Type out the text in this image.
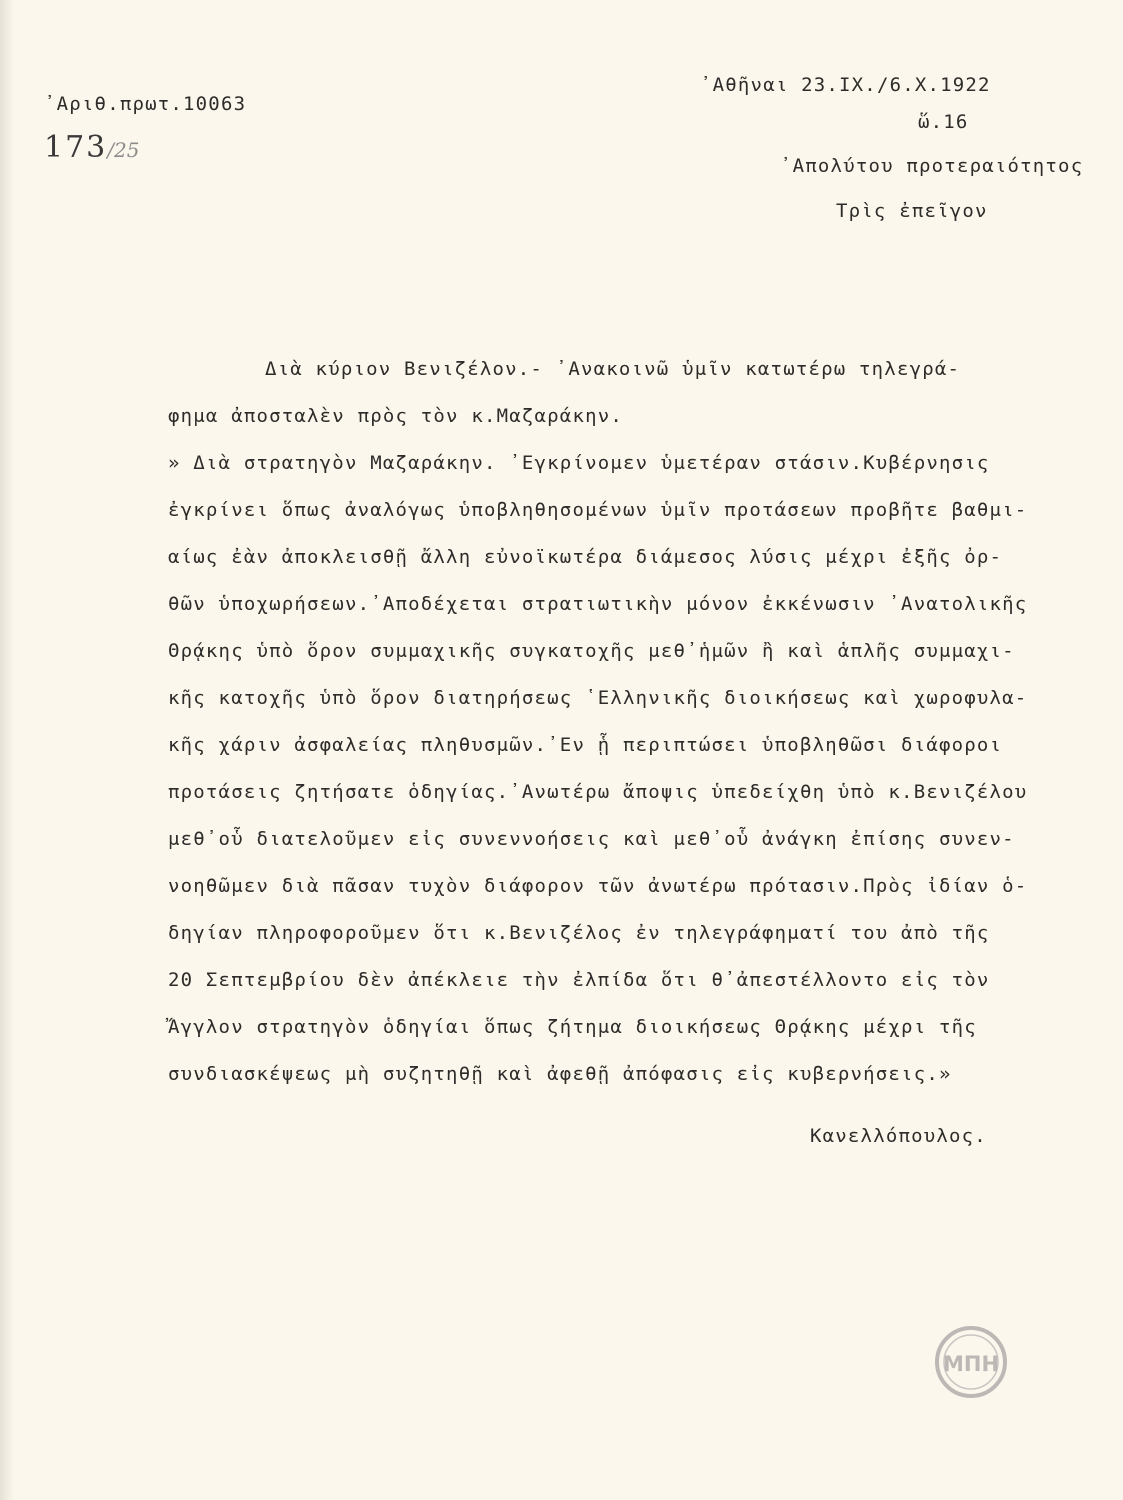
᾽Αριθ.πρωτ.10063
173/25
᾽Αθῆναι 23.IX./6.X.1922
ὥ.16
᾽Απολύτου προτεραιότητος
Τρὶς ἐπεῖγον
Διὰ κύριον Βενιζέλον.- ᾽Ανακοινῶ ὑμῖν κατωτέρω τηλεγρά-
φημα ἀποσταλὲν πρὸς τὸν κ.Μαζαράκην.
» Διὰ στρατηγὸν Μαζαράκην. ᾽Εγκρίνομεν ὑμετέραν στάσιν.Κυβέρνησις
ἐγκρίνει ὅπως ἀναλόγως ὑποβληθησομένων ὑμῖν προτάσεων προβῆτε βαθμι-
αίως ἐὰν ἀποκλεισθῇ ἄλλη εὐνοϊκωτέρα διάμεσος λύσις μέχρι ἐξῆς ὀρ-
θῶν ὑποχωρήσεων.᾽Αποδέχεται στρατιωτικὴν μόνον ἐκκένωσιν ᾽Ανατολικῆς
Θρᾴκης ὑπὸ ὅρον συμμαχικῆς συγκατοχῆς μεθ᾽ἡμῶν ἢ καὶ ἁπλῆς συμμαχι-
κῆς κατοχῆς ὑπὸ ὅρον διατηρήσεως ῾Ελληνικῆς διοικήσεως καὶ χωροφυλα-
κῆς χάριν ἀσφαλείας πληθυσμῶν.᾽Εν ᾗ περιπτώσει ὑποβληθῶσι διάφοροι
προτάσεις ζητήσατε ὁδηγίας.᾽Ανωτέρω ἄποψις ὑπεδείχθη ὑπὸ κ.Βενιζέλου
μεθ᾽οὗ διατελοῦμεν εἰς συνεννοήσεις καὶ μεθ᾽οὗ ἀνάγκη ἐπίσης συνεν-
νοηθῶμεν διὰ πᾶσαν τυχὸν διάφορον τῶν ἀνωτέρω πρότασιν.Πρὸς ἰδίαν ὁ-
δηγίαν πληροφοροῦμεν ὅτι κ.Βενιζέλος ἐν τηλεγράφηματί του ἀπὸ τῆς
20 Σεπτεμβρίου δὲν ἀπέκλειε τὴν ἐλπίδα ὅτι θ᾽ἀπεστέλλοντο εἰς τὸν
Ἄγγλον στρατηγὸν ὁδηγίαι ὅπως ζήτημα διοικήσεως Θρᾴκης μέχρι τῆς
συνδιασκέψεως μὴ συζητηθῇ καὶ ἀφεθῇ ἀπόφασις εἰς κυβερνήσεις.»
Κανελλόπουλος.
ΜΠΗ
